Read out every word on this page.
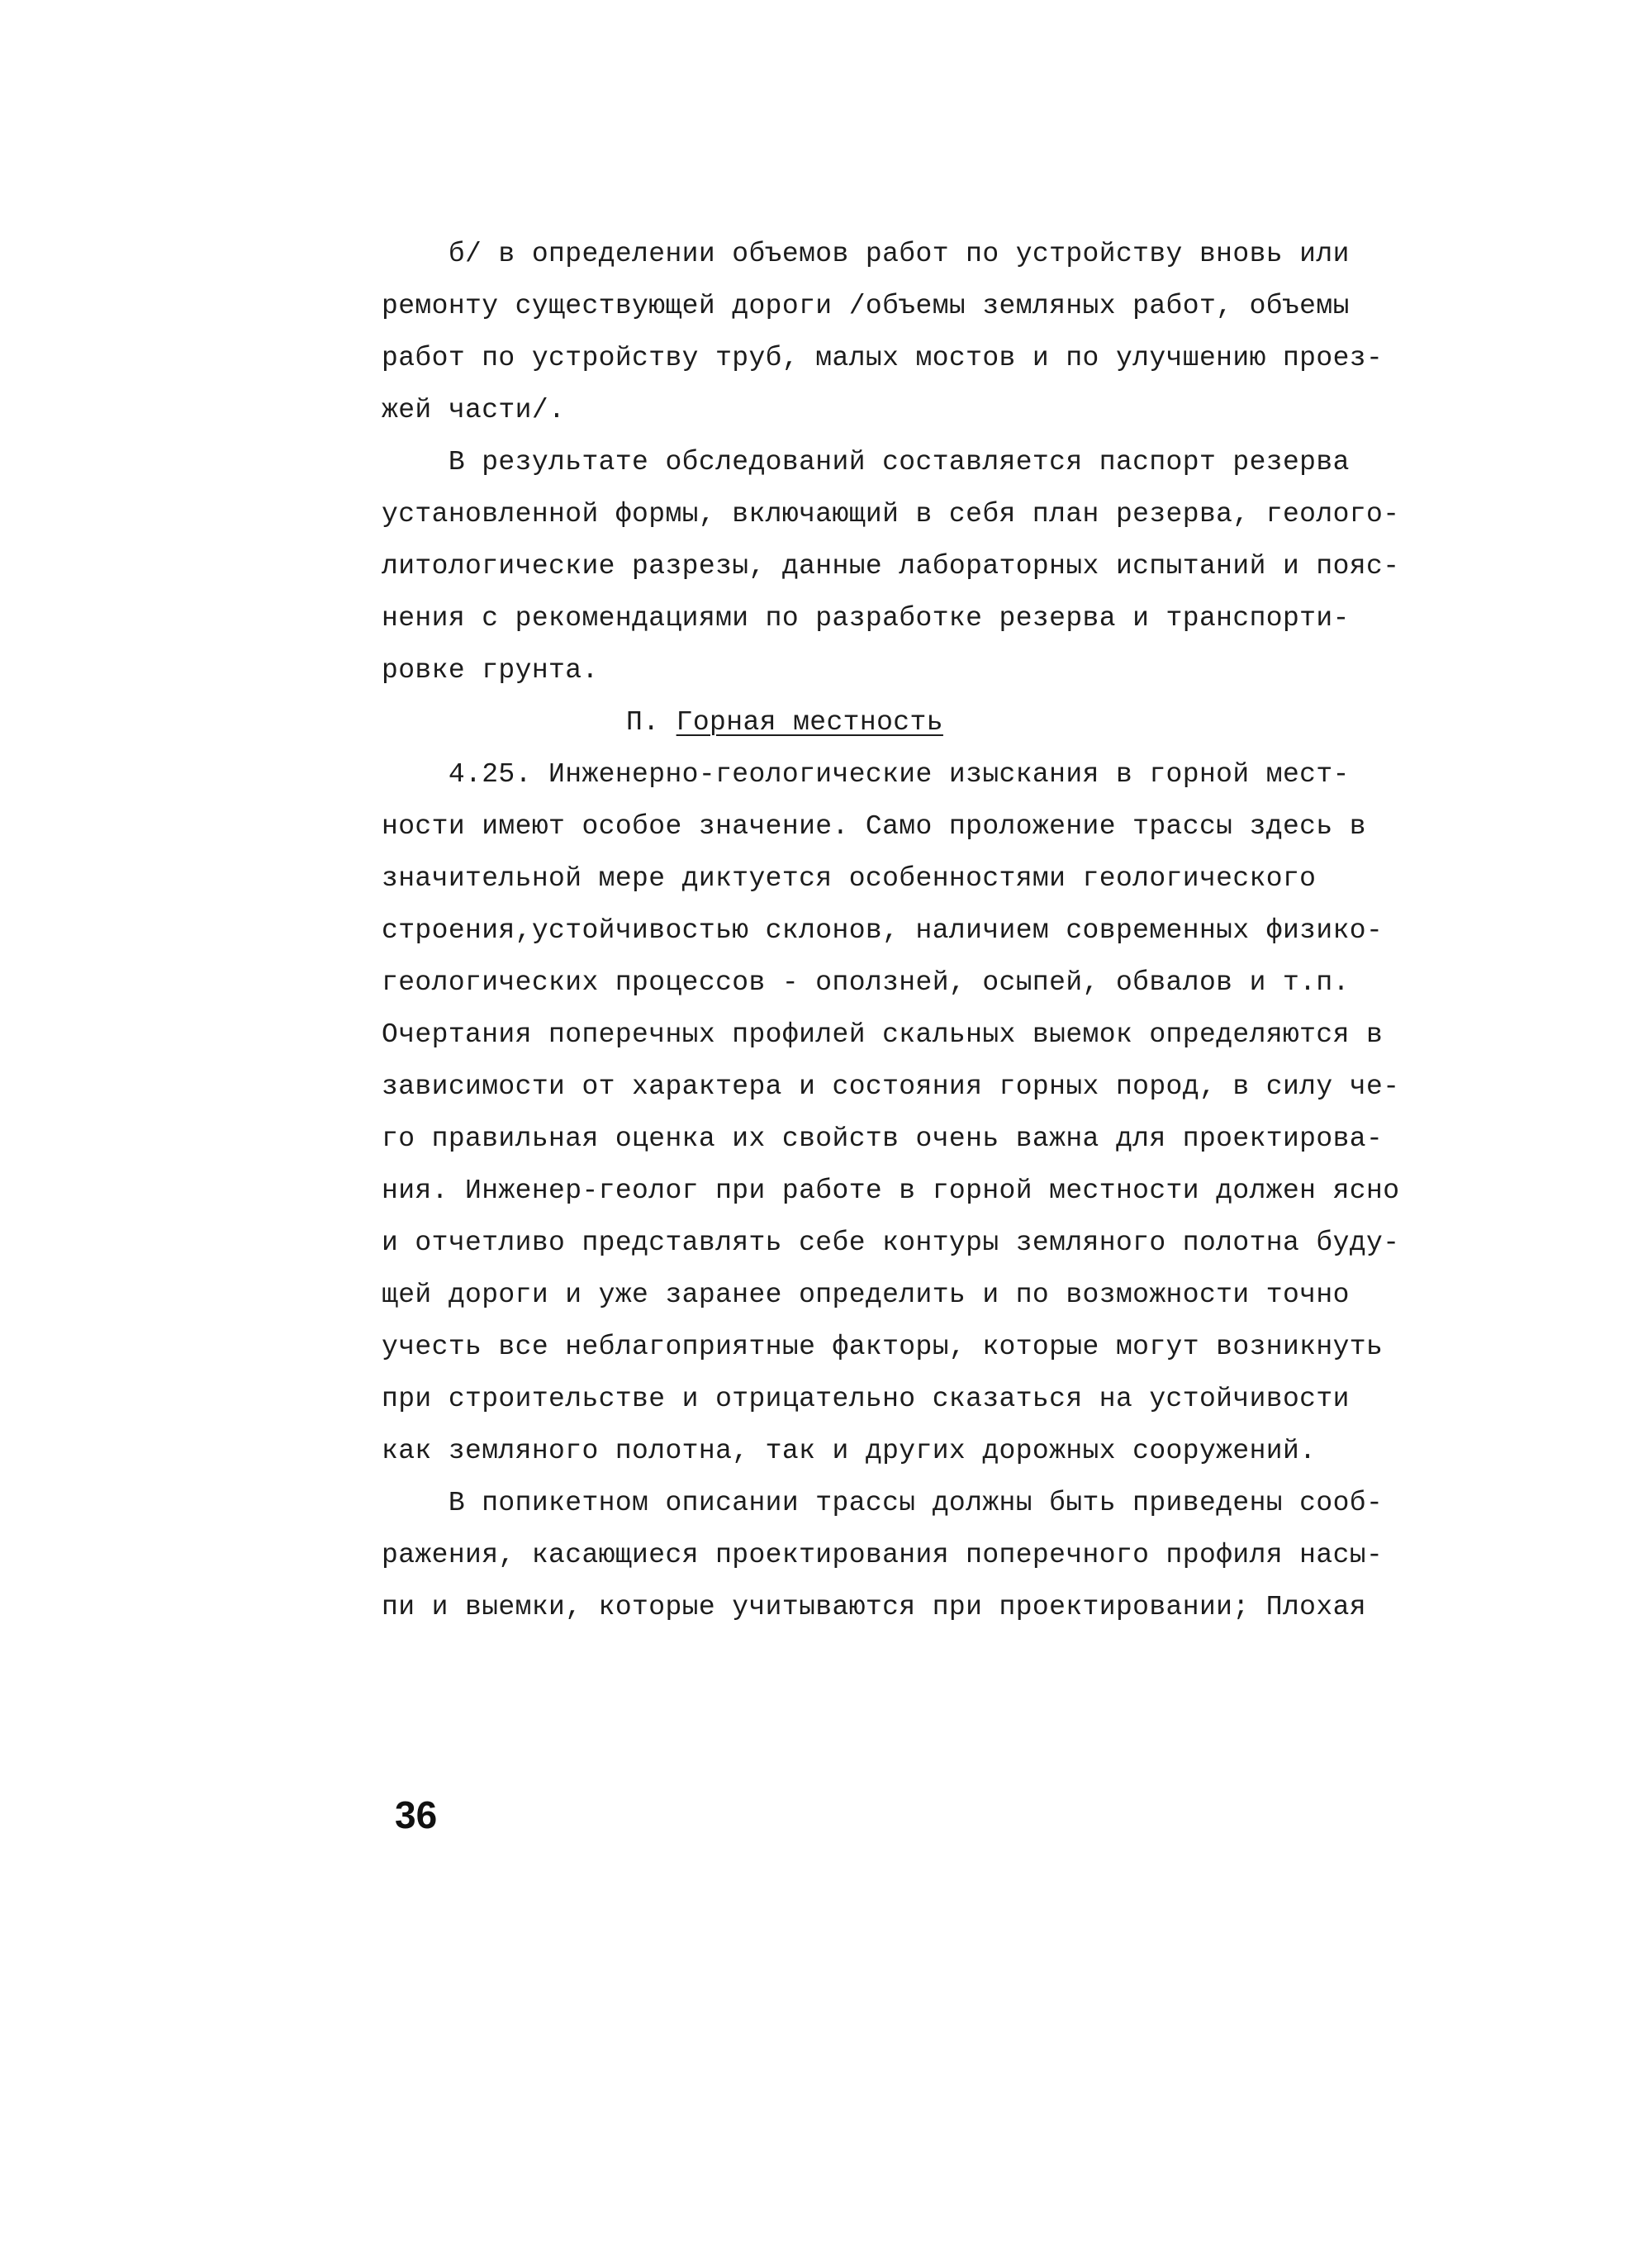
б/ в определении объемов работ по устройству вновь или
ремонту существующей дороги /объемы земляных работ, объемы
работ по устройству труб, малых мостов и по улучшению проез-
жей части/.
В результате обследований составляется паспорт резерва
установленной формы, включающий в себя план резерва, геолого-
литологические разрезы, данные лабораторных испытаний и пояс-
нения с рекомендациями по разработке резерва и транспорти-
ровке грунта.
П. Горная местность
4.25. Инженерно-геологические изыскания в горной мест-
ности имеют особое значение. Само проложение трассы здесь в
значительной мере диктуется особенностями геологического
строения,устойчивостью склонов, наличием современных физико-
геологических процессов - оползней, осыпей, обвалов и т.п.
Очертания поперечных профилей скальных выемок определяются в
зависимости от характера и состояния горных пород, в силу че-
го правильная оценка их свойств очень важна для проектирова-
ния. Инженер-геолог при работе в горной местности должен ясно
и отчетливо представлять себе контуры земляного полотна буду-
щей дороги и уже заранее определить и по возможности точно
учесть все неблагоприятные факторы, которые могут возникнуть
при строительстве и отрицательно сказаться на устойчивости
как земляного полотна, так и других дорожных сооружений.
В попикетном описании трассы должны быть приведены сооб-
ражения, касающиеся проектирования поперечного профиля насы-
пи и выемки, которые учитываются при проектировании; Плохая
36
